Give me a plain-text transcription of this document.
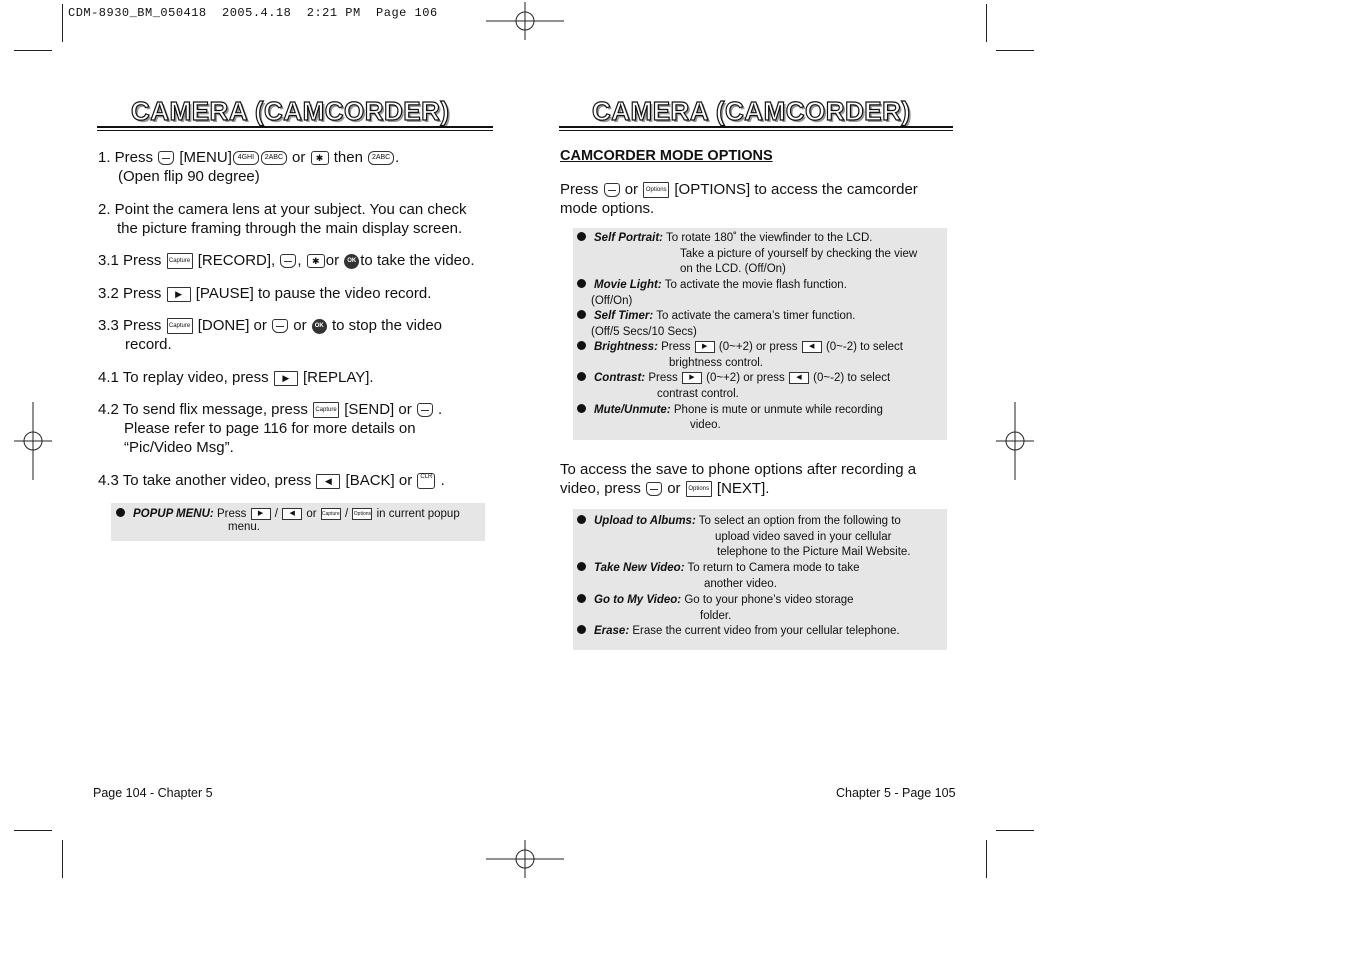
CDM-8930_BM_050418  2005.4.18  2:21 PM  Page 106
CAMERA (CAMCORDER)
1. Press [MENU] 4GHI 2ABC or ✱ then 2ABC .
(Open flip 90 degree)
2. Point the camera lens at your subject. You can check
the picture framing through the main display screen.
3.1 Press Capture [RECORD], , ✱ or OK to take the video.
3.2 Press ▶ [PAUSE] to pause the video record.
3.3 Press Capture [DONE] or or OK to stop the video
record.
4.1 To replay video, press ▶ [REPLAY].
4.2 To send flix message, press Capture [SEND] or .
Please refer to page 116 for more details on
“Pic/Video Msg”.
4.3 To take another video, press ◀ [BACK] or CLR .
POPUP MENU: Press ▶ / ◀ or Capture / Options in current popup
menu.
Page 104 - Chapter 5
CAMERA (CAMCORDER)
CAMCORDER MODE OPTIONS
Press or Options [OPTIONS] to access the camcorder
mode options.
Self Portrait: To rotate 180˚ the viewfinder to the LCD.
Take a picture of yourself by checking the view
on the LCD. (Off/On)
Movie Light: To activate the movie flash function.
(Off/On)
Self Timer: To activate the camera’s timer function.
(Off/5 Secs/10 Secs)
Brightness: Press ▶ (0~+2) or press ◀ (0~-2) to select
brightness control.
Contrast: Press ▶ (0~+2) or press ◀ (0~-2) to select
contrast control.
Mute/Unmute: Phone is mute or unmute while recording
video.
To access the save to phone options after recording a
video, press or Options [NEXT].
Upload to Albums: To select an option from the following to
upload video saved in your cellular
telephone to the Picture Mail Website.
Take New Video: To return to Camera mode to take
another video.
Go to My Video: Go to your phone’s video storage
folder.
Erase: Erase the current video from your cellular telephone.
Chapter 5 - Page 105
